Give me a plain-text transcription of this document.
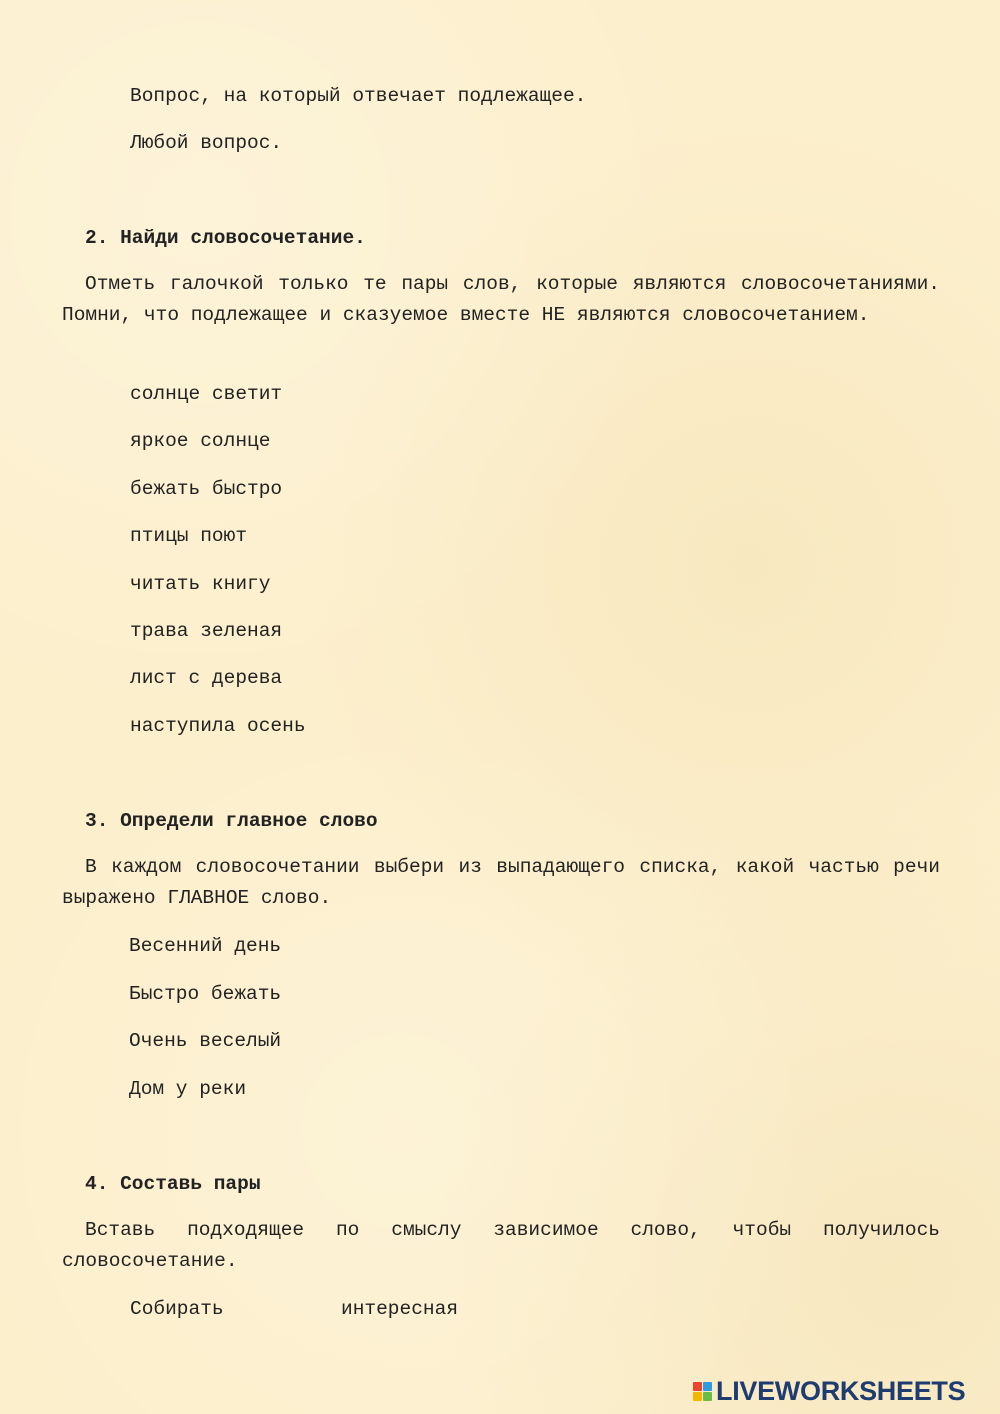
Вопрос, на который отвечает подлежащее.
Любой вопрос.
2. Найди словосочетание.
Отметь галочкой только те пары слов, которые являются словосочетаниями. Помни, что подлежащее и сказуемое вместе НЕ являются словосочетанием.
солнце светит
яркое солнце
бежать быстро
птицы поют
читать книгу
трава зеленая
лист с дерева
наступила осень
3. Определи главное слово
В каждом словосочетании выбери из выпадающего списка, какой частью речи выражено ГЛАВНОЕ слово.
Весенний день
Быстро бежать
Очень веселый
Дом у реки
4. Составь пары
Вставь подходящее по смыслу зависимое слово, чтобы получилось словосочетание.
Собирать	интересная
LIVEWORKSHEETS
